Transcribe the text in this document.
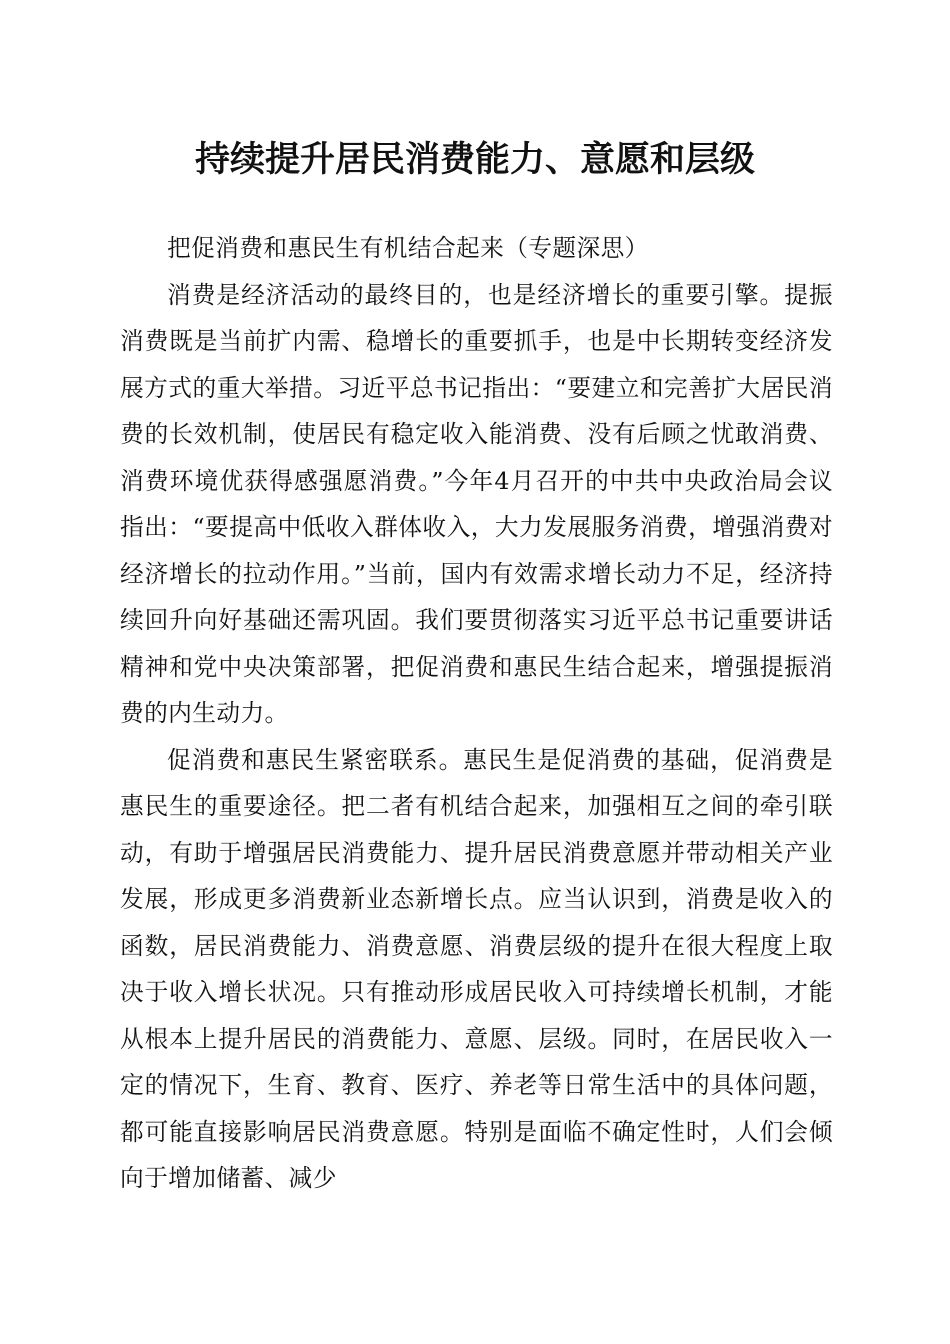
持续提升居民消费能力、意愿和层级

把促消费和惠民生有机结合起来（专题深思）

消费是经济活动的最终目的，也是经济增长的重要引擎。提振消费既是当前扩内需、稳增长的重要抓手，也是中长期转变经济发展方式的重大举措。习近平总书记指出：“要建立和完善扩大居民消费的长效机制，使居民有稳定收入能消费、没有后顾之忧敢消费、消费环境优获得感强愿消费。”今年4月召开的中共中央政治局会议指出：“要提高中低收入群体收入，大力发展服务消费，增强消费对经济增长的拉动作用。”当前，国内有效需求增长动力不足，经济持续回升向好基础还需巩固。我们要贯彻落实习近平总书记重要讲话精神和党中央决策部署，把促消费和惠民生结合起来，增强提振消费的内生动力。

促消费和惠民生紧密联系。惠民生是促消费的基础，促消费是惠民生的重要途径。把二者有机结合起来，加强相互之间的牵引联动，有助于增强居民消费能力、提升居民消费意愿并带动相关产业发展，形成更多消费新业态新增长点。应当认识到，消费是收入的函数，居民消费能力、消费意愿、消费层级的提升在很大程度上取决于收入增长状况。只有推动形成居民收入可持续增长机制，才能从根本上提升居民的消费能力、意愿、层级。同时，在居民收入一定的情况下，生育、教育、医疗、养老等日常生活中的具体问题，都可能直接影响居民消费意愿。特别是面临不确定性时，人们会倾向于增加储蓄、减少
